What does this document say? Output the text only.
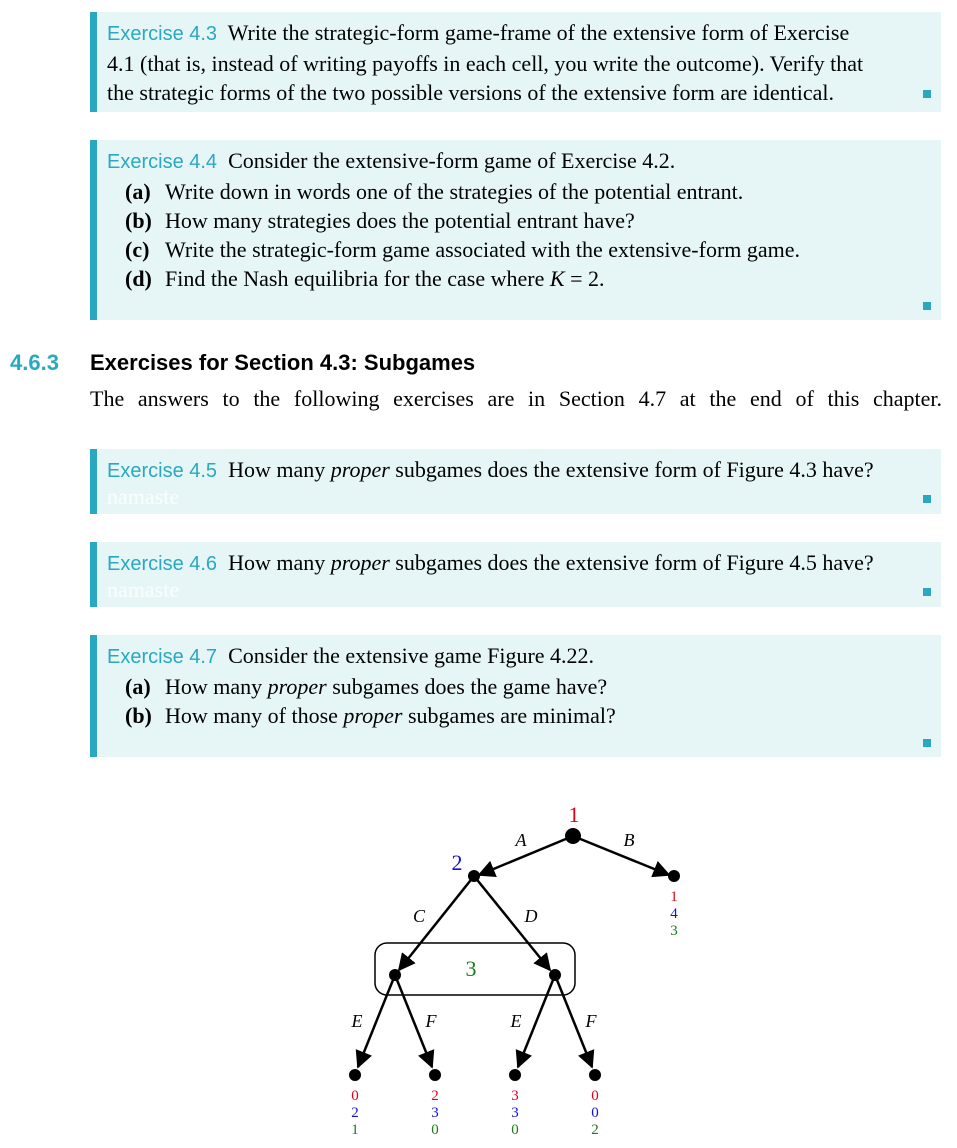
Exercise 4.3 Write the strategic-form game-frame of the extensive form of Exercise
4.1 (that is, instead of writing payoffs in each cell, you write the outcome). Verify that
the strategic forms of the two possible versions of the extensive form are identical.
Exercise 4.4 Consider the extensive-form game of Exercise 4.2.
(a) Write down in words one of the strategies of the potential entrant.
(b) How many strategies does the potential entrant have?
(c) Write the strategic-form game associated with the extensive-form game.
(d) Find the Nash equilibria for the case where K = 2.
4.6.3 Exercises for Section 4.3: Subgames
The answers to the following exercises are in Section 4.7 at the end of this chapter.
Exercise 4.5 How many proper subgames does the extensive form of Figure 4.3 have?
namaste
Exercise 4.6 How many proper subgames does the extensive form of Figure 4.5 have?
namaste
Exercise 4.7 Consider the extensive game Figure 4.22.
(a) How many proper subgames does the game have?
(b) How many of those proper subgames are minimal?
1
2
3
A	B
C	D
E	F	E	F
1
4
3
0
2
1
2
3
0
3
3
0
0
0
2
